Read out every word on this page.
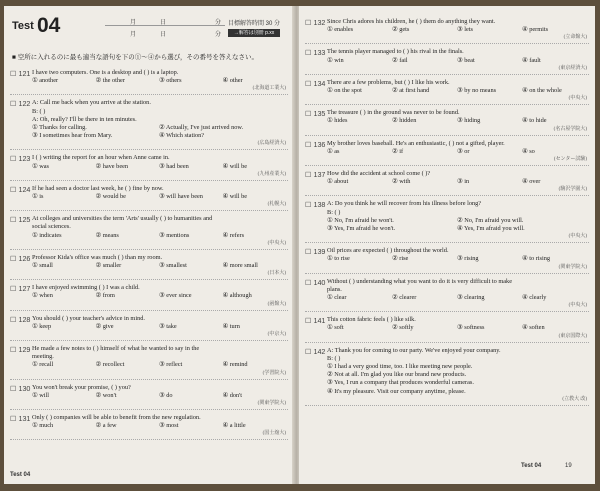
Test 04	月	日	分
月	日	分
目標解答時間 30 分
→解答は別冊 p.xx
■ 空所に入れるのに最も適当な語句を下の①～④から選び，その番号を答えなさい。
☐ 121 I have two computers. One is a desktop and ( ) is a laptop.
① another	② the other	③ others	④ other
(北海道工業大)
☐ 122 A: Call me back when you arrive at the station.
B: ( )
A: Oh, really? I'll be there in ten minutes.
① Thanks for calling.	② Actually, I've just arrived now.
③ I sometimes hear from Mary.	④ Which station?
(広島経済大)
☐ 123 I ( ) writing the report for an hour when Anne came in.
① was	② have been	③ had been	④ will be
(九州産業大)
☐ 124 If he had seen a doctor last week, he ( ) fine by now.
① is	② would be	③ will have been	④ will be
(札幌大)
☐ 125 At colleges and universities the term 'Arts' usually ( ) to humanities and
social sciences.
① indicates	② means	③ mentions	④ refers
(中央大)
☐ 126 Professor Kida's office was much ( ) than my room.
① small	② smaller	③ smallest	④ more small
(日本大)
☐ 127 I have enjoyed swimming ( ) I was a child.
① when	② from	③ ever since	④ although
(函館大)
☐ 128 You should ( ) your teacher's advice in mind.
① keep	② give	③ take	④ turn
(中京大)
☐ 129 He made a few notes to ( ) himself of what he wanted to say in the
meeting.
① recall	② recollect	③ reflect	④ remind
(学習院大)
☐ 130 You won't break your promise, ( ) you?
① will	② won't	③ do	④ don't
(関東学院大)
☐ 131 Only ( ) companies will be able to benefit from the new regulation.
① much	② a few	③ most	④ a little
(国士舘大)
Test 04
☐ 132 Since Chris adores his children, he ( ) them do anything they want.
① enables	② gets	③ lets	④ permits
(立命館大)
☐ 133 The tennis player managed to ( ) his rival in the finals.
① win	② fail	③ beat	④ fault
(東京経済大)
☐ 134 There are a few problems, but ( ) I like his work.
① on the spot	② at first hand	③ by no means	④ on the whole
(中央大)
☐ 135 The treasure ( ) in the ground was never to be found.
① hides	② hidden	③ hiding	④ to hide
(名古屋学院大)
☐ 136 My brother loves baseball. He's an enthusiastic, ( ) not a gifted, player.
① as	② if	③ or	④ so
(センター試験)
☐ 137 How did the accident at school come ( )?
① about	② with	③ in	④ over
(駒沢学園大)
☐ 138 A: Do you think he will recover from his illness before long?
B: ( )
① No, I'm afraid he won't.	② No, I'm afraid you will.
③ Yes, I'm afraid he won't.	④ Yes, I'm afraid you will.
(中央大)
☐ 139 Oil prices are expected ( ) throughout the world.
① to rise	② rise	③ rising	④ to rising
(関東学院大)
☐ 140 Without ( ) understanding what you want to do it is very difficult to make
plans.
① clear	② clearer	③ clearing	④ clearly
(中央大)
☐ 141 This cotton fabric feels ( ) like silk.
① soft	② softly	③ softness	④ soften
(東京国際大)
☐ 142 A: Thank you for coming to our party. We've enjoyed your company.
B: ( )
① I had a very good time, too. I like meeting new people.
② Not at all. I'm glad you like our brand new products.
③ Yes, I run a company that produces wonderful cameras.
④ It's my pleasure. Visit our company anytime, please.
(立教大 改)
Test 04	19
